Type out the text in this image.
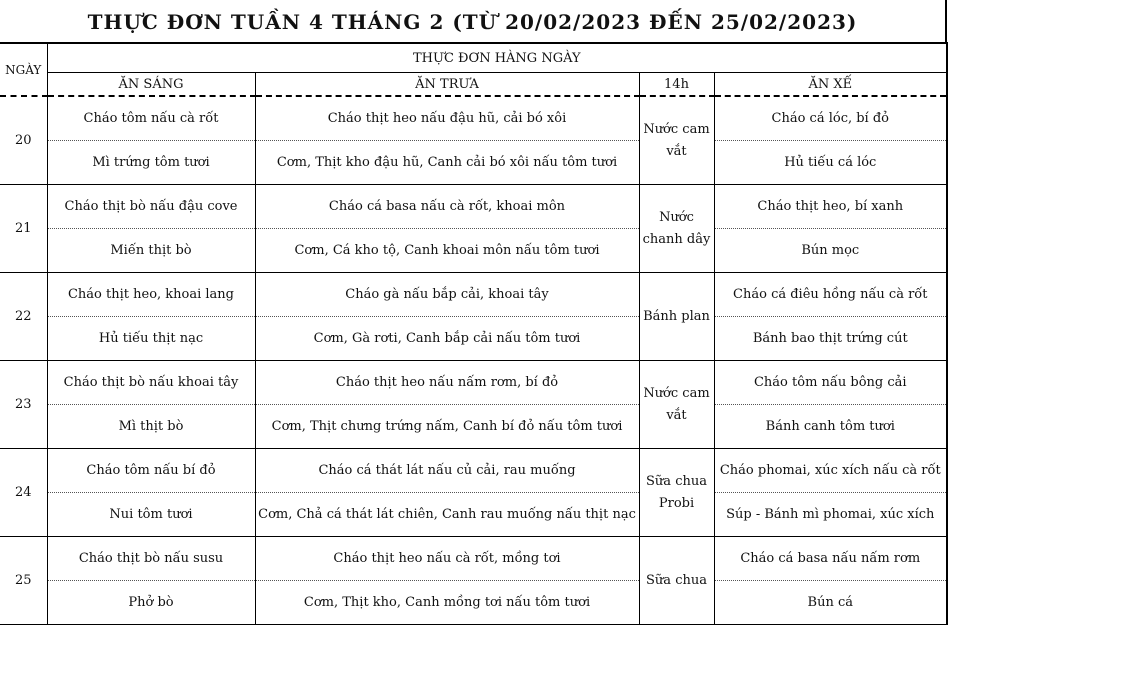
THỰC ĐƠN TUẦN 4 THÁNG 2 (TỪ 20/02/2023 ĐẾN 25/02/2023)
NGÀY	THỰC ĐƠN HÀNG NGÀY			
	ĂN SÁNG	ĂN TRƯA	14h	ĂN XẾ
20	Cháo tôm nấu cà rốt	Cháo thịt heo nấu đậu hũ, cải bó xôi	Nước cam vắt	Cháo cá lóc, bí đỏ
	Mì trứng tôm tươi	Cơm, Thịt kho đậu hũ, Canh cải bó xôi nấu tôm tươi		Hủ tiếu cá lóc
21	Cháo thịt bò nấu đậu cove	Cháo cá basa nấu cà rốt, khoai môn	Nước chanh dây	Cháo thịt heo, bí xanh
	Miến thịt bò	Cơm, Cá kho tộ, Canh khoai môn nấu tôm tươi		Bún mọc
22	Cháo thịt heo, khoai lang	Cháo gà nấu bắp cải, khoai tây	Bánh plan	Cháo cá điêu hồng nấu cà rốt
	Hủ tiếu thịt nạc	Cơm, Gà rơti, Canh bắp cải nấu tôm tươi		Bánh bao thịt trứng cút
23	Cháo thịt bò nấu khoai tây	Cháo thịt heo nấu nấm rơm, bí đỏ	Nước cam vắt	Cháo tôm nấu bông cải
	Mì thịt bò	Cơm, Thịt chưng trứng nấm, Canh bí đỏ nấu tôm tươi		Bánh canh tôm tươi
24	Cháo tôm nấu bí đỏ	Cháo cá thát lát nấu củ cải, rau muống	Sữa chua Probi	Cháo phomai, xúc xích nấu cà rốt
	Nui tôm tươi	Cơm, Chả cá thát lát chiên, Canh rau muống nấu thịt nạc		Súp - Bánh mì phomai, xúc xích
25	Cháo thịt bò nấu susu	Cháo thịt heo nấu cà rốt, mồng tơi	Sữa chua	Cháo cá basa nấu nấm rơm
	Phở bò	Cơm, Thịt kho, Canh mồng tơi nấu tôm tươi		Bún cá
